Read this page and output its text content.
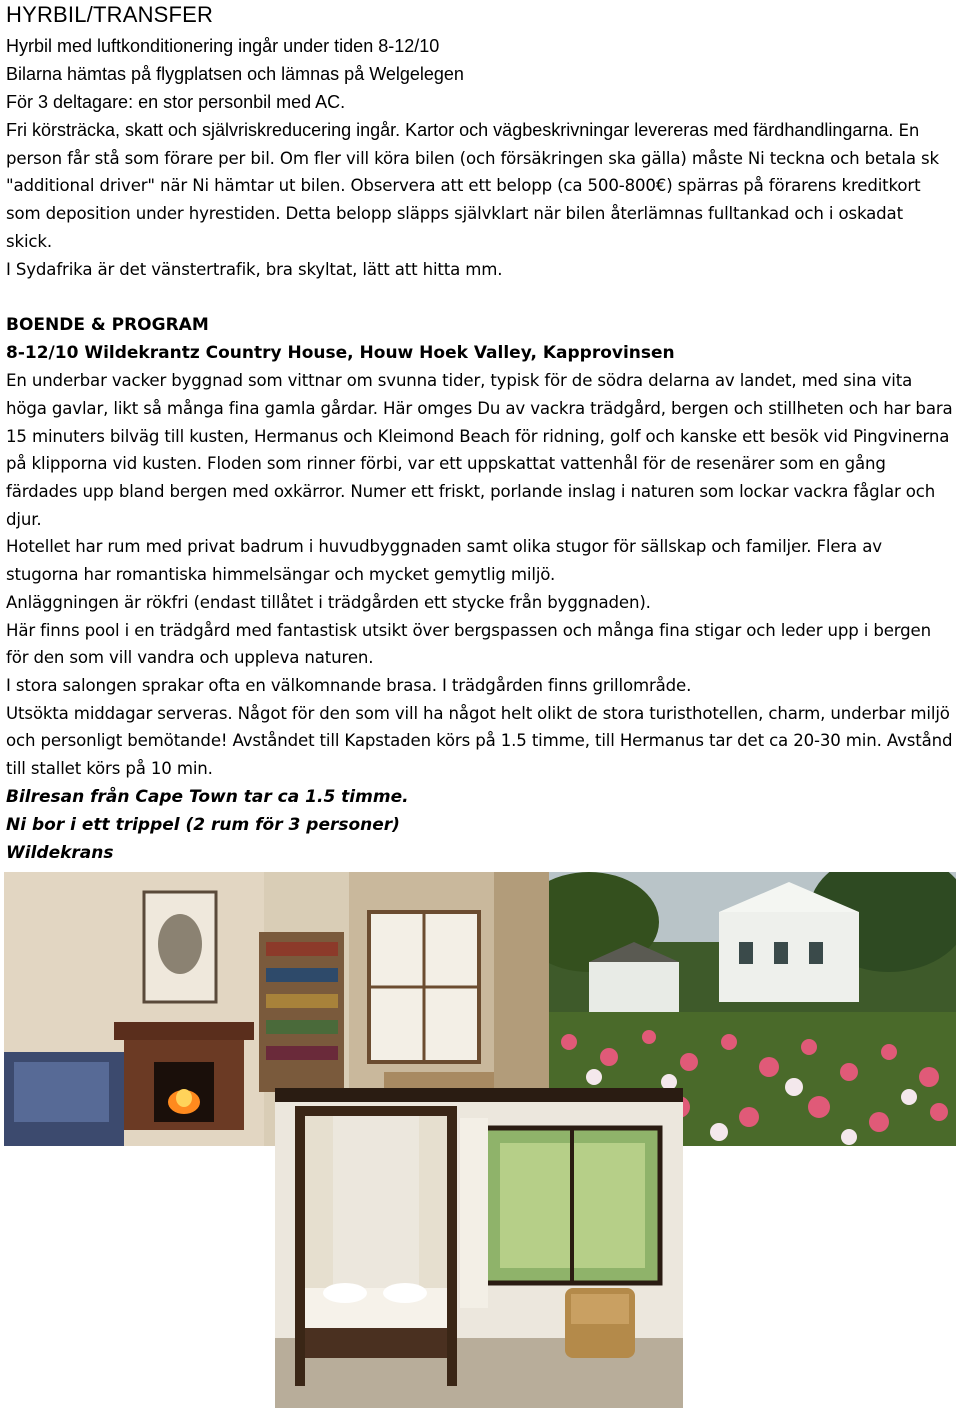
HYRBIL/TRANSFER
Hyrbil med luftkonditionering ingår under tiden 8-12/10
Bilarna hämtas på flygplatsen och lämnas på Welgelegen
För 3 deltagare: en stor personbil med AC.
Fri körsträcka, skatt och självriskreducering ingår. Kartor och vägbeskrivningar levereras med färdhandlingarna. En person får stå som förare per bil. Om fler vill köra bilen (och försäkringen ska gälla) måste Ni teckna och betala sk "additional driver" när Ni hämtar ut bilen. Observera att ett belopp (ca 500-800€) spärras på förarens kreditkort som deposition under hyrestiden. Detta belopp släpps självklart när bilen återlämnas fulltankad och i oskadat skick.
I Sydafrika är det vänstertrafik, bra skyltat, lätt att hitta mm.
BOENDE & PROGRAM
8-12/10 Wildekrantz Country House, Houw Hoek Valley, Kapprovinsen
En underbar vacker byggnad som vittnar om svunna tider, typisk för de södra delarna av landet, med sina vita höga gavlar, likt så många fina gamla gårdar. Här omges Du av vackra trädgård, bergen och stillheten och har bara 15 minuters bilväg till kusten, Hermanus och Kleimond Beach för ridning, golf och kanske ett besök vid Pingvinerna på klipporna vid kusten. Floden som rinner förbi, var ett uppskattat vattenhål för de resenärer som en gång färdades upp bland bergen med oxkärror. Numer ett friskt, porlande inslag i naturen som lockar vackra fåglar och djur.
Hotellet har rum med privat badrum i huvudbyggnaden samt olika stugor för sällskap och familjer. Flera av stugorna har romantiska himmelsängar och mycket gemytlig miljö.
Anläggningen är rökfri (endast tillåtet i trädgården ett stycke från byggnaden).
Här finns pool i en trädgård med fantastisk utsikt över bergspassen och många fina stigar och leder upp i bergen för den som vill vandra och uppleva naturen.
I stora salongen sprakar ofta en välkomnande brasa. I trädgården finns grillområde.
Utsökta middagar serveras. Något för den som vill ha något helt olikt de stora turisthotellen, charm, underbar miljö och personligt bemötande! Avståndet till Kapstaden körs på 1.5 timme, till Hermanus tar det ca 20-30 min. Avstånd till stallet körs på 10 min.
Bilresan från Cape Town tar ca 1.5 timme.
Ni bor i ett trippel (2 rum för 3 personer)
Wildekrans
